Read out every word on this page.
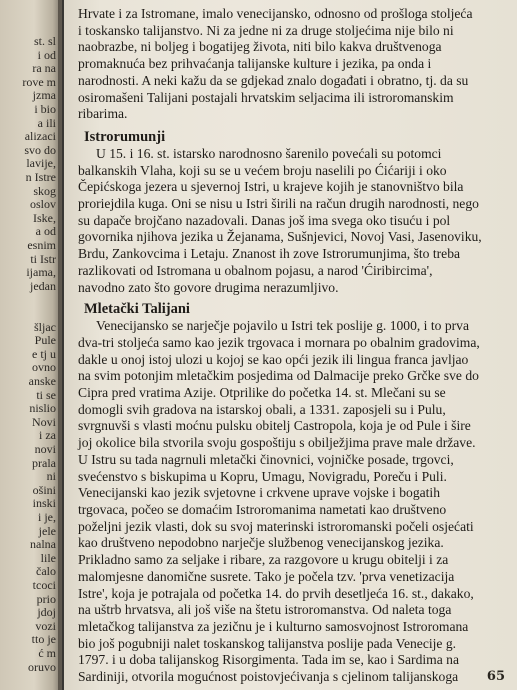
st. sl
i od
ra na
rove m
jzma
i bio
a ili
alizaci
svo do
lavije,
n Istre
skog
oslov
Iske,
a od
esnim
ti Istr
ijama,
jedan
šljac
Pule
e tj u
ovno
anske
ti se
nislio
Novi
i za
novi
prala
ni
ošini
inski
i je,
jele
nalna
lile
čalo
tcoci
prio
jdoj
vozi
tto je
ć m
oruvo
Hrvate i za Istromane, imalo venecijansko, odnosno od prošloga stoljeća
i toskansko talijanstvo. Ni za jedne ni za druge stoljećima nije bilo ni
naobrazbe, ni boljeg i bogatijeg života, niti bilo kakva društvenoga
promaknuća bez prihvaćanja talijanske kulture i jezika, pa onda i
narodnosti. A neki kažu da se gdjekad znalo događati i obratno, tj. da su
osiromašeni Talijani postajali hrvatskim seljacima ili istroromanskim
ribarima.
Istrorumunji
U 15. i 16. st. istarsko narodnosno šarenilo povećali su potomci
balkanskih Vlaha, koji su se u većem broju naselili po Ćićariji i oko
Čepićskoga jezera u sjevernoj Istri, u krajeve kojih je stanovništvo bila
proriejdila kuga. Oni se nisu u Istri širili na račun drugih narodnosti, nego
su dapače brojčano nazadovali. Danas još ima svega oko tisuću i pol
govornika njihova jezika u Žejanama, Sušnjevici, Novoj Vasi, Jasenoviku,
Brdu, Zankovcima i Letaju. Znanost ih zove Istrorumunjima, što treba
razlikovati od Istromana u obalnom pojasu, a narod 'Ćiribircima',
navodno zato što govore drugima nerazumljivo.
Mletački Talijani
Venecijansko se narječje pojavilo u Istri tek poslije g. 1000, i to prva
dva-tri stoljeća samo kao jezik trgovaca i mornara po obalnim gradovima,
dakle u onoj istoj ulozi u kojoj se kao opći jezik ili lingua franca javljao
na svim potonjim mletačkim posjedima od Dalmacije preko Grčke sve do
Cipra pred vratima Azije. Otprilike do početka 14. st. Mlečani su se
domogli svih gradova na istarskoj obali, a 1331. zaposjeli su i Pulu,
svrgnuvši s vlasti moćnu pulsku obitelj Castropola, koja je od Pule i šire
joj okolice bila stvorila svoju gospoštiju s obilježjima prave male države.
U Istru su tada nagrnuli mletački činovnici, vojničke posade, trgovci,
svećenstvo s biskupima u Kopru, Umagu, Novigradu, Poreču i Puli.
Venecijanski kao jezik svjetovne i crkvene uprave vojske i bogatih
trgovaca, počeo se domaćim Istroromanima nametati kao društveno
poželjni jezik vlasti, dok su svoj materinski istroromanski počeli osjećati
kao društveno nepodobno narječje službenog venecijanskog jezika.
Prikladno samo za seljake i ribare, za razgovore u krugu obitelji i za
malomjesne danomične susrete. Tako je počela tzv. 'prva venetizacija
Istre', koja je potrajala od početka 14. do prvih desetljeća 16. st., dakako,
na uštrb hrvatsva, ali još više na štetu istroromanstva. Od naleta toga
mletačkog talijanstva za jezičnu je i kulturno samosvojnost Istroromana
bio još pogubniji nalet toskanskog talijanstva poslije pada Venecije g.
1797. i u doba talijanskog Risorgimenta. Tada im se, kao i Sardima na
Sardiniji, otvorila mogućnost poistovjećivanja s cjelinom talijanskoga	65
